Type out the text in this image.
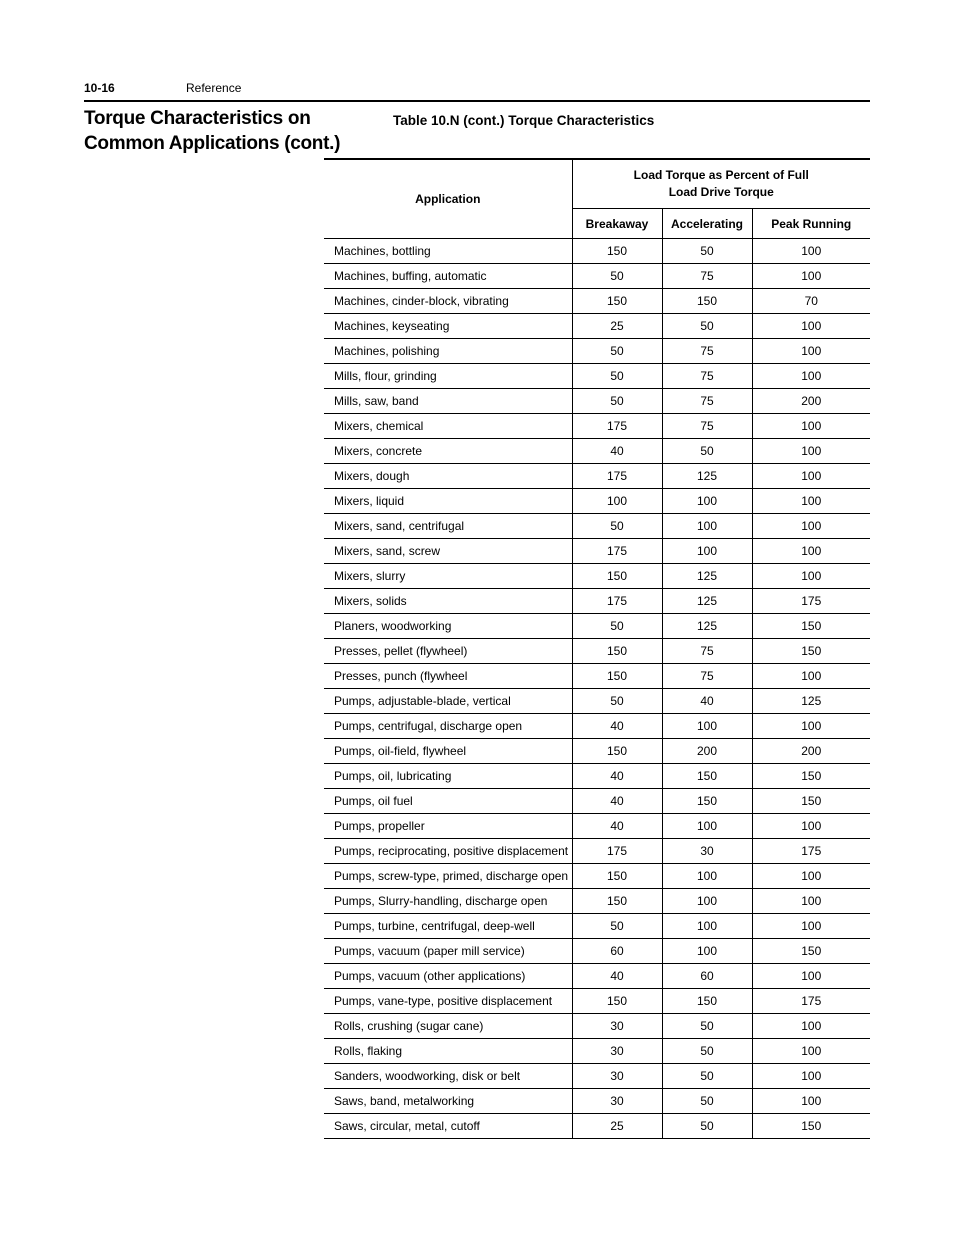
10-16	Reference
Torque Characteristics on
Common Applications (cont.)
Table 10.N (cont.) Torque Characteristics
Application	Load Torque as Percent of Full
Load Drive Torque		

	Breakaway	Accelerating	Peak Running
Machines, bottling	150	50	100
Machines, buffing, automatic	50	75	100
Machines, cinder-block, vibrating	150	150	70
Machines, keyseating	25	50	100
Machines, polishing	50	75	100
Mills, flour, grinding	50	75	100
Mills, saw, band	50	75	200
Mixers, chemical	175	75	100
Mixers, concrete	40	50	100
Mixers, dough	175	125	100
Mixers, liquid	100	100	100
Mixers, sand, centrifugal	50	100	100
Mixers, sand, screw	175	100	100
Mixers, slurry	150	125	100
Mixers, solids	175	125	175
Planers, woodworking	50	125	150
Presses, pellet (flywheel)	150	75	150
Presses, punch (flywheel	150	75	100
Pumps, adjustable-blade, vertical	50	40	125
Pumps, centrifugal, discharge open	40	100	100
Pumps, oil-field, flywheel	150	200	200
Pumps, oil, lubricating	40	150	150
Pumps, oil fuel	40	150	150
Pumps, propeller	40	100	100
Pumps, reciprocating, positive displacement	175	30	175
Pumps, screw-type, primed, discharge open	150	100	100
Pumps, Slurry-handling, discharge open	150	100	100
Pumps, turbine, centrifugal, deep-well	50	100	100
Pumps, vacuum (paper mill service)	60	100	150
Pumps, vacuum (other applications)	40	60	100
Pumps, vane-type, positive displacement	150	150	175
Rolls, crushing (sugar cane)	30	50	100
Rolls, flaking	30	50	100
Sanders, woodworking, disk or belt	30	50	100
Saws, band, metalworking	30	50	100
Saws, circular, metal, cutoff	25	50	150
